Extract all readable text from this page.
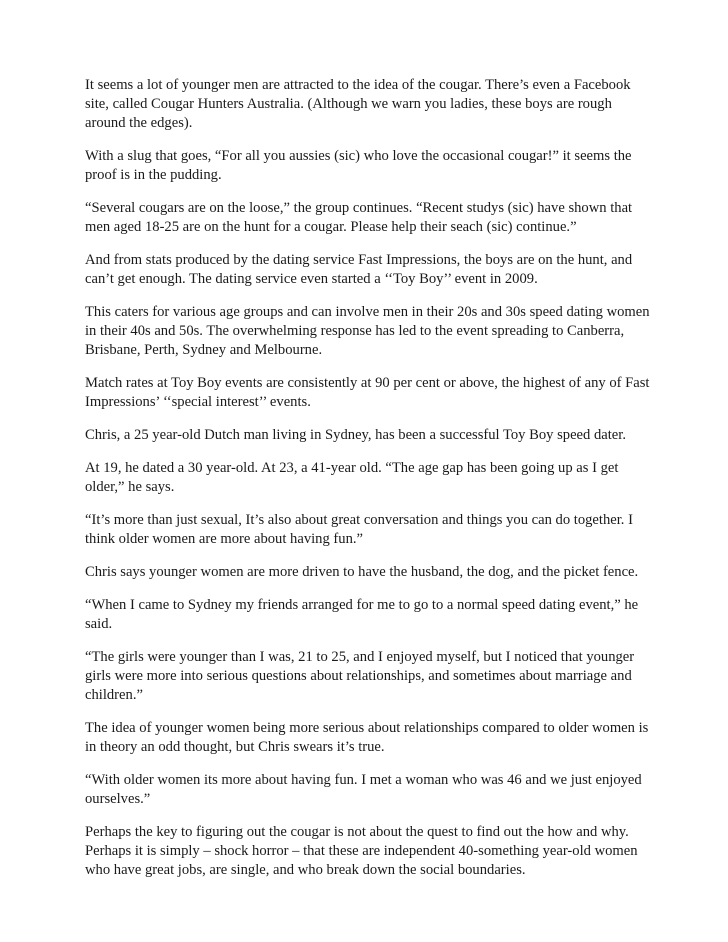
It seems a lot of younger men are attracted to the idea of the cougar. There’s even a Facebook
site, called Cougar Hunters Australia. (Although we warn you ladies, these boys are rough
around the edges).

With a slug that goes, “For all you aussies (sic) who love the occasional cougar!” it seems the
proof is in the pudding.

“Several cougars are on the loose,” the group continues. “Recent studys (sic) have shown that
men aged 18-25 are on the hunt for a cougar. Please help their seach (sic) continue.”

And from stats produced by the dating service Fast Impressions, the boys are on the hunt, and
can’t get enough. The dating service even started a ‘‘Toy Boy’’ event in 2009.

This caters for various age groups and can involve men in their 20s and 30s speed dating women
in their 40s and 50s. The overwhelming response has led to the event spreading to Canberra,
Brisbane, Perth, Sydney and Melbourne.

Match rates at Toy Boy events are consistently at 90 per cent or above, the highest of any of Fast
Impressions’ ‘‘special interest’’ events.

Chris, a 25 year-old Dutch man living in Sydney, has been a successful Toy Boy speed dater.

At 19, he dated a 30 year-old. At 23, a 41-year old. “The age gap has been going up as I get
older,” he says.

“It’s more than just sexual, It’s also about great conversation and things you can do together. I
think older women are more about having fun.”

Chris says younger women are more driven to have the husband, the dog, and the picket fence.

“When I came to Sydney my friends arranged for me to go to a normal speed dating event,” he
said.

“The girls were younger than I was, 21 to 25, and I enjoyed myself, but I noticed that younger
girls were more into serious questions about relationships, and sometimes about marriage and
children.”

The idea of younger women being more serious about relationships compared to older women is
in theory an odd thought, but Chris swears it’s true.

“With older women its more about having fun. I met a woman who was 46 and we just enjoyed
ourselves.”

Perhaps the key to figuring out the cougar is not about the quest to find out the how and why.
Perhaps it is simply – shock horror – that these are independent 40-something year-old women
who have great jobs, are single, and who break down the social boundaries.
